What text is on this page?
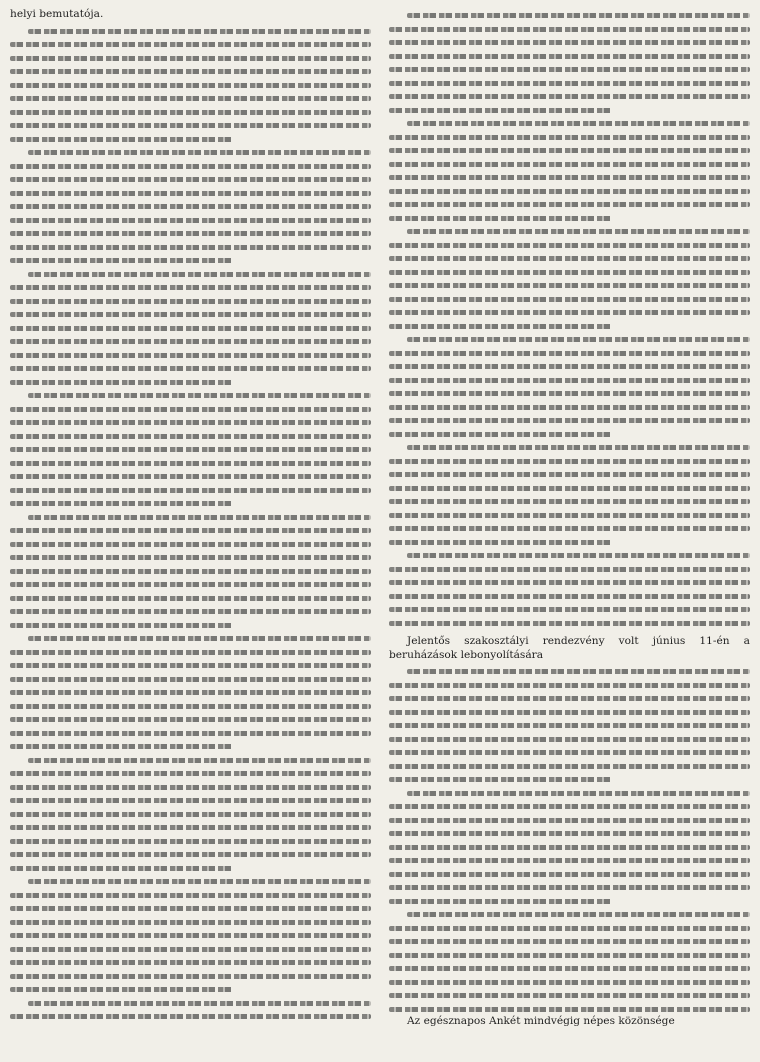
helyi bemutatója.

Jelentős szakosztályi rendezvény volt június 11-én a beruházások lebonyolítására

Az egésznapos Ankét mindvégig népes közönsége
